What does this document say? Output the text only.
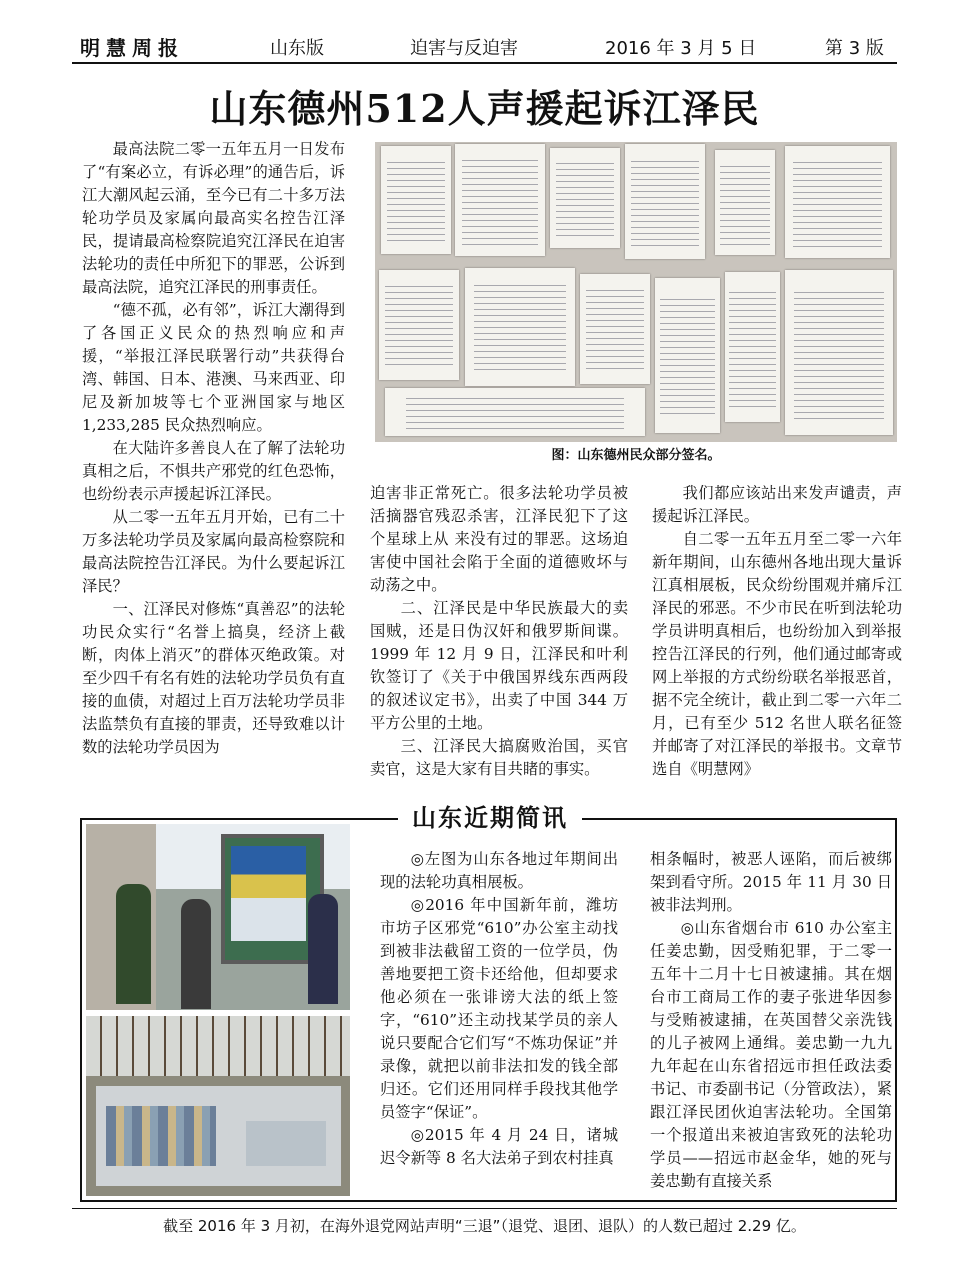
明慧周报	山东版	迫害与反迫害	2016 年 3 月 5 日	第 3 版
山东德州512人声援起诉江泽民

最高法院二零一五年五月一日发布了“有案必立，有诉必理”的通告后，诉江大潮风起云涌，至今已有二十多万法轮功学员及家属向最高实名控告江泽民，提请最高检察院追究江泽民在迫害法轮功的责任中所犯下的罪恶，公诉到最高法院，追究江泽民的刑事责任。

“德不孤，必有邻”，诉江大潮得到了各国正义民众的热烈响应和声援，“举报江泽民联署行动”共获得台湾、韩国、日本、港澳、马来西亚、印尼及新加坡等七个亚洲国家与地区 1,233,285 民众热烈响应。

在大陆许多善良人在了解了法轮功真相之后，不惧共产邪党的红色恐怖，也纷纷表示声援起诉江泽民。

从二零一五年五月开始，已有二十万多法轮功学员及家属向最高检察院和最高法院控告江泽民。为什么要起诉江泽民？

一、江泽民对修炼“真善忍”的法轮功民众实行“名誉上搞臭，经济上截断，肉体上消灭”的群体灭绝政策。对至少四千有名有姓的法轮功学员负有直接的血债，对超过上百万法轮功学员非法监禁负有直接的罪责，还导致难以计数的法轮功学员因为

图：山东德州民众部分签名。

迫害非正常死亡。很多法轮功学员被活摘器官残忍杀害，江泽民犯下了这个星球上从 来没有过的罪恶。这场迫害使中国社会陷于全面的道德败坏与动荡之中。

二、江泽民是中华民族最大的卖国贼，还是日伪汉奸和俄罗斯间谍。1999 年 12 月 9 日，江泽民和叶利钦签订了《关于中俄国界线东西两段的叙述议定书》，出卖了中国 344 万平方公里的土地。

三、江泽民大搞腐败治国，买官卖官，这是大家有目共睹的事实。

我们都应该站出来发声谴责，声援起诉江泽民。

自二零一五年五月至二零一六年新年期间，山东德州各地出现大量诉江真相展板，民众纷纷围观并痛斥江泽民的邪恶。不少市民在听到法轮功学员讲明真相后，也纷纷加入到举报控告江泽民的行列，他们通过邮寄或网上举报的方式纷纷联名举报恶首，据不完全统计，截止到二零一六年二月，已有至少 512 名世人联名征签并邮寄了对江泽民的举报书。文章节选自《明慧网》

山东近期简讯

◎左图为山东各地过年期间出现的法轮功真相展板。

◎2016 年中国新年前，潍坊市坊子区邪党“610”办公室主动找到被非法截留工资的一位学员，伪善地要把工资卡还给他，但却要求他必须在一张诽谤大法的纸上签字，“610”还主动找某学员的亲人说只要配合它们写“不炼功保证”并录像，就把以前非法扣发的钱全部归还。它们还用同样手段找其他学员签字“保证”。

◎2015 年 4 月 24 日，诸城迟令新等 8 名大法弟子到农村挂真

相条幅时，被恶人诬陷，而后被绑架到看守所。2015 年 11 月 30 日被非法判刑。

◎山东省烟台市 610 办公室主任姜忠勤，因受贿犯罪，于二零一五年十二月十七日被逮捕。其在烟台市工商局工作的妻子张进华因参与受贿被逮捕，在英国替父亲洗钱的儿子被网上通缉。姜忠勤一九九九年起在山东省招远市担任政法委书记、市委副书记（分管政法），紧跟江泽民团伙迫害法轮功。全国第一个报道出来被迫害致死的法轮功学员——招远市赵金华，她的死与姜忠勤有直接关系

截至 2016 年 3 月初，在海外退党网站声明“三退”（退党、退团、退队）的人数已超过 2.29 亿。
